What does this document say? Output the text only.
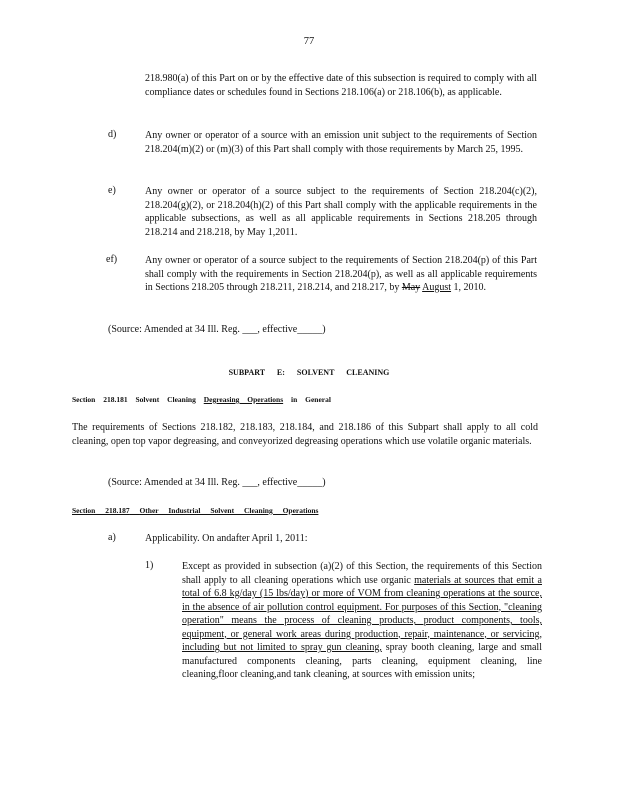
77
218.980(a) of this Part on or by the effective date of this subsection is required to comply with all compliance dates or schedules found in Sections 218.106(a) or 218.106(b), as applicable.
d)	Any owner or operator of a source with an emission unit subject to the requirements of Section 218.204(m)(2) or (m)(3) of this Part shall comply with those requirements by March 25, 1995.
e)	Any owner or operator of a source subject to the requirements of Section 218.204(c)(2), 218.204(g)(2), or 218.204(h)(2) of this Part shall comply with the applicable requirements in the applicable subsections, as well as all applicable requirements in Sections 218.205 through 218.214 and 218.218, by May 1,2011.
ef)	Any owner or operator of a source subject to the requirements of Section 218.204(p) of this Part shall comply with the requirements in Section 218.204(p), as well as all applicable requirements in Sections 218.205 through 218.211, 218.214, and 218.217, by May August 1, 2010.
(Source: Amended at 34 Ill. Reg. ___, effective_____)
SUBPART E: SOLVENT CLEANING
Section 218.181 Solvent Cleaning Degreasing Operations in General
The requirements of Sections 218.182, 218.183, 218.184, and 218.186 of this Subpart shall apply to all cold cleaning, open top vapor degreasing, and conveyorized degreasing operations which use volatile organic materials.
(Source: Amended at 34 Ill. Reg. ___, effective_____)
Section 218.187 Other Industrial Solvent Cleaning Operations
a)	Applicability. On andafter April 1, 2011:
1)	Except as provided in subsection (a)(2) of this Section, the requirements of this Section shall apply to all cleaning operations which use organic materials at sources that emit a total of 6.8 kg/day (15 lbs/day) or more of VOM from cleaning operations at the source, in the absence of air pollution control equipment. For purposes of this Section, "cleaning operation" means the process of cleaning products, product components, tools, equipment, or general work areas during production, repair, maintenance, or servicing, including but not limited to spray gun cleaning, spray booth cleaning, large and small manufactured components cleaning, parts cleaning, equipment cleaning, line cleaning,floor cleaning,and tank cleaning, at sources with emission units;
